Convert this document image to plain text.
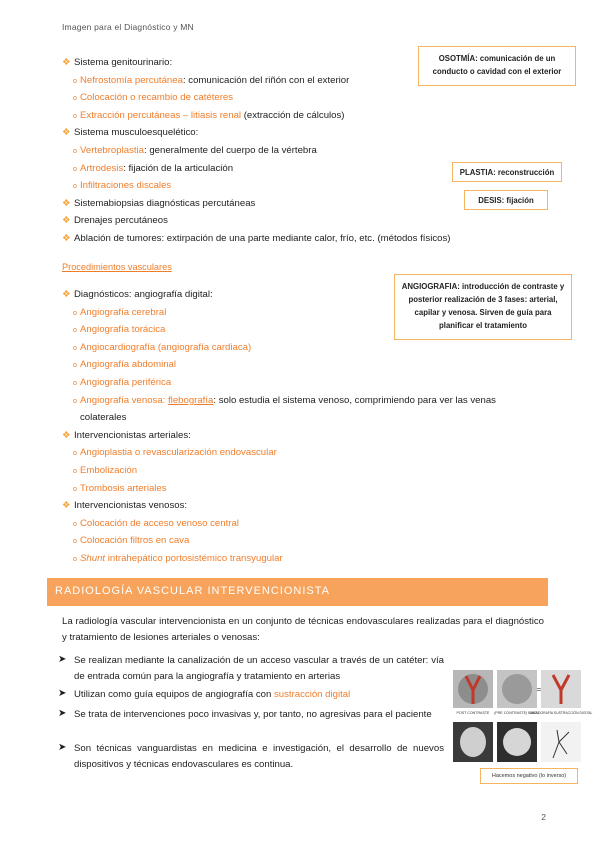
Imagen para el Diagnóstico y MN
❖ Sistema genitourinario:
o Nefrostomía percutánea: comunicación del riñón con el exterior
o Colocación o recambio de catéteres
o Extracción percutáneas – litiasis renal (extracción de cálculos)
❖ Sistema musculoesquelético:
o Vertebroplastia: generalmente del cuerpo de la vértebra
o Artrodesis: fijación de la articulación
o Infiltraciones discales
❖ Sistemabiopsias diagnósticas percutáneas
❖ Drenajes percutáneos
❖ Ablación de tumores: extirpación de una parte mediante calor, frío, etc. (métodos físicos)
Procedimientos vasculares
❖ Diagnósticos: angiografía digital:
o Angiografía cerebral
o Angiografía torácica
o Angiocardiografía (angiografía cardiaca)
o Angiografía abdominal
o Angiografía periférica
o Angiografía venosa: flebografía: solo estudia el sistema venoso, comprimiendo para ver las venas
colaterales
❖ Intervencionistas arteriales:
o Angioplastia o revascularización endovascular
o Embolización
o Trombosis arteriales
❖ Intervencionistas venosos:
o Colocación de acceso venoso central
o Colocación filtros en cava
o Shunt intrahepático portosistémico transyugular
OSOTMÍA: comunicación de un conducto o cavidad con el exterior
PLASTIA: reconstrucción
DESIS: fijación
ANGIOGRAFIA: introducción de contraste y posterior realización de 3 fases: arterial, capilar y venosa. Sirven de guía para planificar el tratamiento
RADIOLOGÍA VASCULAR INTERVENCIONISTA
La radiología vascular intervencionista en un conjunto de técnicas endovasculares realizadas para el diagnóstico y tratamiento de lesiones arteriales o venosas:
➤ Se realizan mediante la canalización de un acceso vascular a través de un catéter: vía de entrada común para la angiografía y tratamiento en arterias
➤ Utilizan como guía equipos de angiografía con sustracción digital
➤ Se trata de intervenciones poco invasivas y, por tanto, no agresivas para el paciente
➤ Son técnicas vanguardistas en medicina e investigación, el desarrollo de nuevos dispositivos y técnicas endovasculares es continua.
=
POST CONTRASTE (PRE CONTRASTE) BASAL
ANGIOGRAFÍA SUSTRACCIÓN DIGITAL
Hacemos negativo (lo inverso)
2
